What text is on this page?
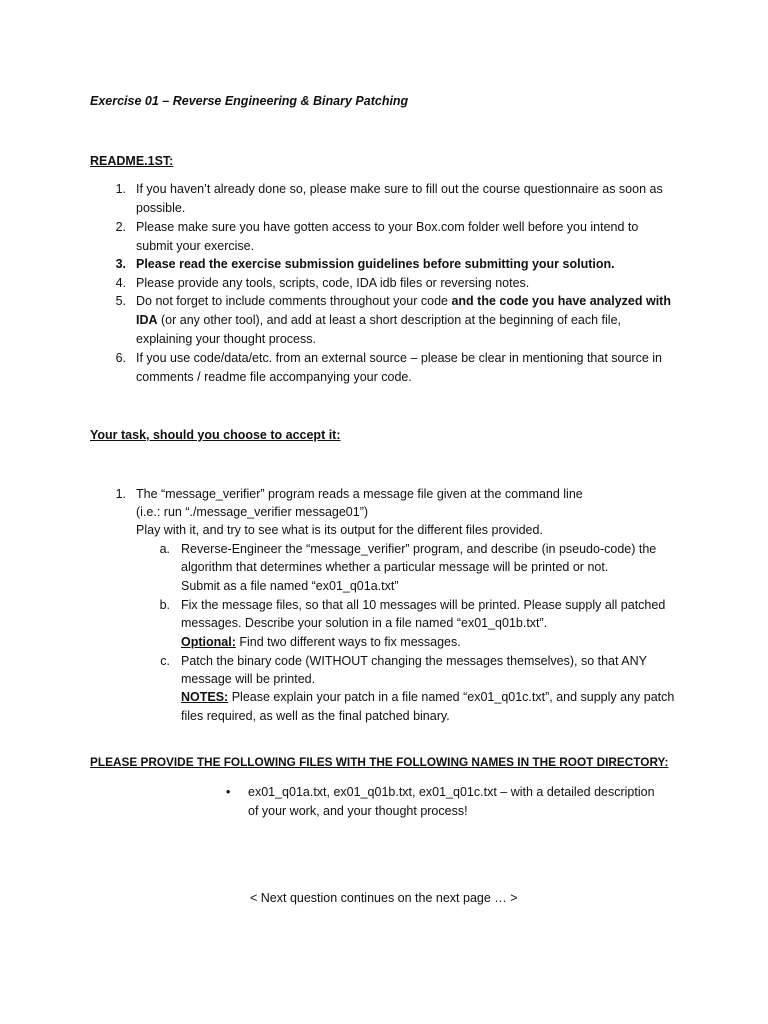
Exercise 01 – Reverse Engineering & Binary Patching
README.1ST:
1. If you haven’t already done so, please make sure to fill out the course questionnaire as soon as
possible.
2. Please make sure you have gotten access to your Box.com folder well before you intend to
submit your exercise.
3. Please read the exercise submission guidelines before submitting your solution.
4. Please provide any tools, scripts, code, IDA idb files or reversing notes.
5. Do not forget to include comments throughout your code and the code you have analyzed with
IDA (or any other tool), and add at least a short description at the beginning of each file,
explaining your thought process.
6. If you use code/data/etc. from an external source – please be clear in mentioning that source in
comments / readme file accompanying your code.
Your task, should you choose to accept it:
1. The “message_verifier” program reads a message file given at the command line
(i.e.: run “./message_verifier message01”)
Play with it, and try to see what is its output for the different files provided.
a. Reverse-Engineer the “message_verifier” program, and describe (in pseudo-code) the
algorithm that determines whether a particular message will be printed or not.
Submit as a file named “ex01_q01a.txt”
b. Fix the message files, so that all 10 messages will be printed. Please supply all patched
messages. Describe your solution in a file named “ex01_q01b.txt”.
Optional: Find two different ways to fix messages.
c. Patch the binary code (WITHOUT changing the messages themselves), so that ANY
message will be printed.
NOTES: Please explain your patch in a file named “ex01_q01c.txt”, and supply any patch
files required, as well as the final patched binary.
PLEASE PROVIDE THE FOLLOWING FILES WITH THE FOLLOWING NAMES IN THE ROOT DIRECTORY:
• ex01_q01a.txt, ex01_q01b.txt, ex01_q01c.txt – with a detailed description
of your work, and your thought process!
< Next question continues on the next page … >
